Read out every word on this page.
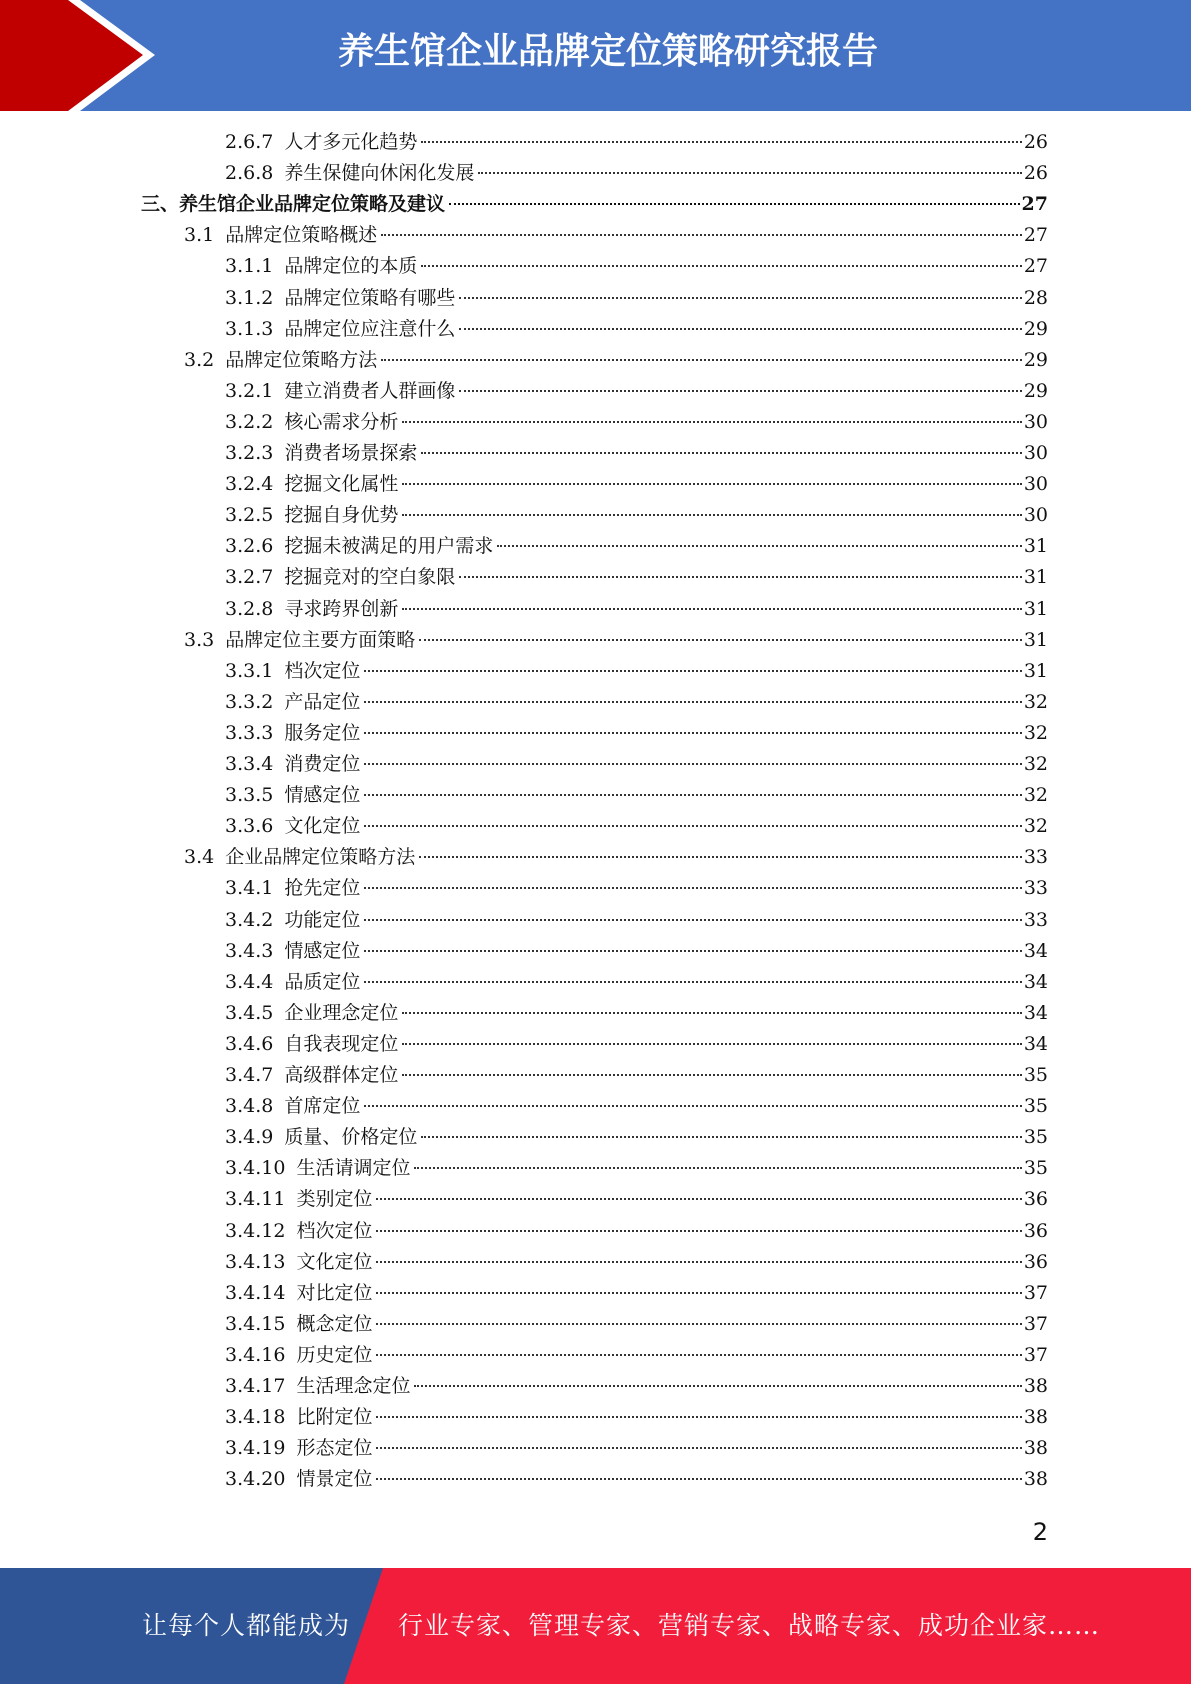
养生馆企业品牌定位策略研究报告
2.6.7 人才多元化趋势	26
2.6.8 养生保健向休闲化发展	26
三、 养生馆企业品牌定位策略及建议	27
3.1 品牌定位策略概述	27
3.1.1 品牌定位的本质	27
3.1.2 品牌定位策略有哪些	28
3.1.3 品牌定位应注意什么	29
3.2 品牌定位策略方法	29
3.2.1 建立消费者人群画像	29
3.2.2 核心需求分析	30
3.2.3 消费者场景探索	30
3.2.4 挖掘文化属性	30
3.2.5 挖掘自身优势	30
3.2.6 挖掘未被满足的用户需求	31
3.2.7 挖掘竞对的空白象限	31
3.2.8 寻求跨界创新	31
3.3 品牌定位主要方面策略	31
3.3.1 档次定位	31
3.3.2 产品定位	32
3.3.3 服务定位	32
3.3.4 消费定位	32
3.3.5 情感定位	32
3.3.6 文化定位	32
3.4 企业品牌定位策略方法	33
3.4.1 抢先定位	33
3.4.2 功能定位	33
3.4.3 情感定位	34
3.4.4 品质定位	34
3.4.5 企业理念定位	34
3.4.6 自我表现定位	34
3.4.7 高级群体定位	35
3.4.8 首席定位	35
3.4.9 质量、价格定位	35
3.4.10 生活请调定位	35
3.4.11 类别定位	36
3.4.12 档次定位	36
3.4.13 文化定位	36
3.4.14 对比定位	37
3.4.15 概念定位	37
3.4.16 历史定位	37
3.4.17 生活理念定位	38
3.4.18 比附定位	38
3.4.19 形态定位	38
3.4.20 情景定位	38
2
让每个人都能成为 行业专家、管理专家、营销专家、战略专家、成功企业家……
